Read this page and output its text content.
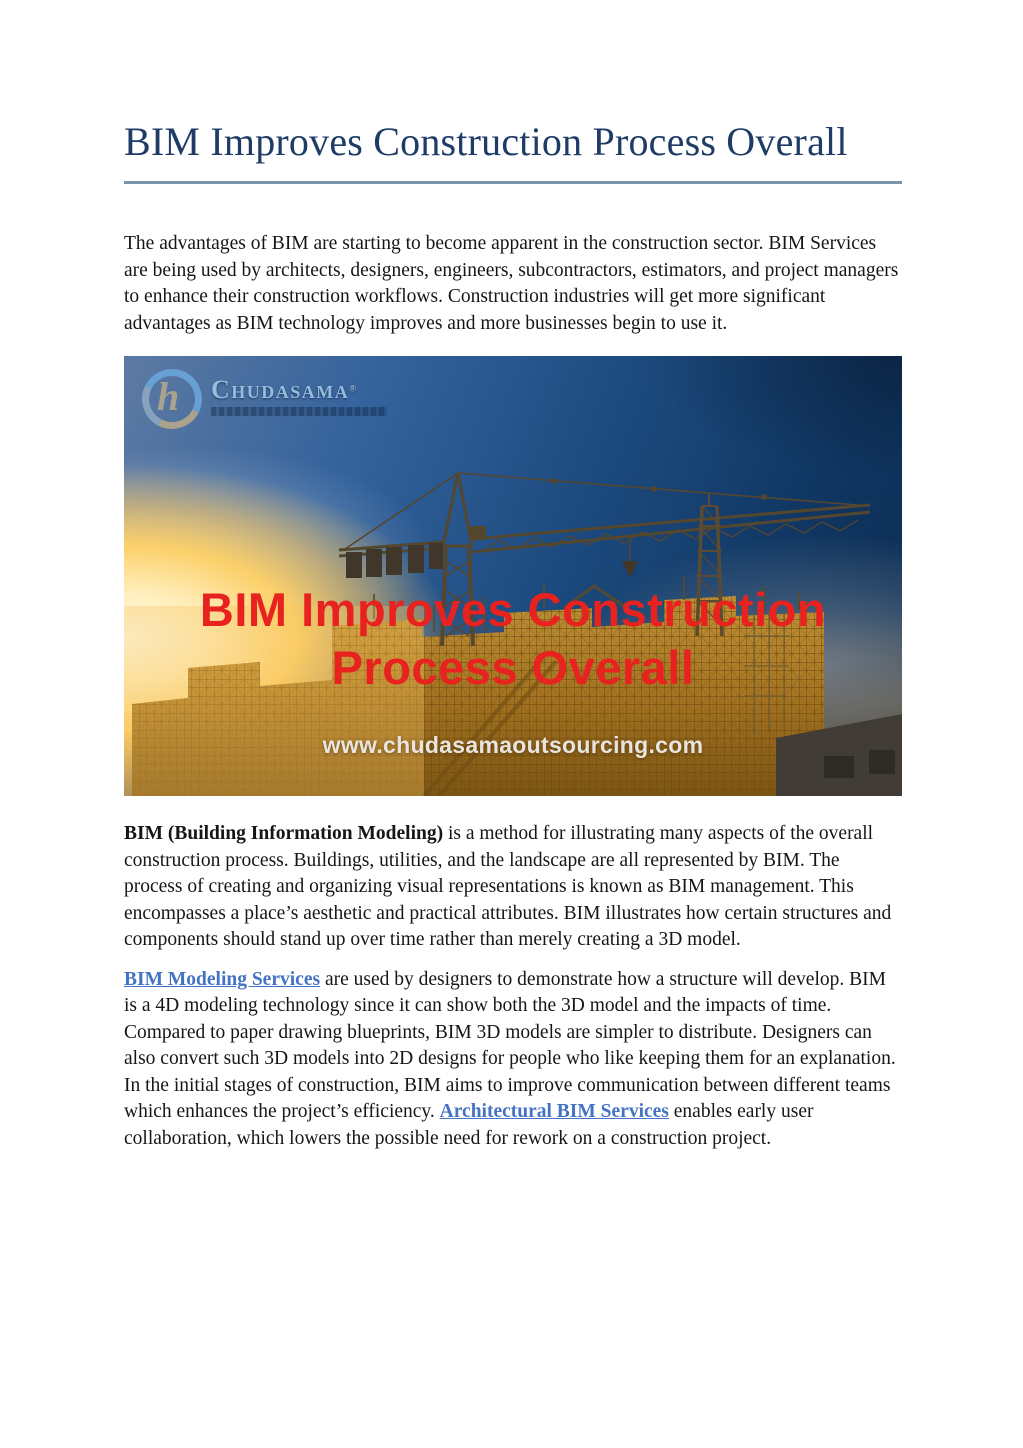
BIM Improves Construction Process Overall

The advantages of BIM are starting to become apparent in the construction sector. BIM Services are being used by architects, designers, engineers, subcontractors, estimators, and project managers to enhance their construction workflows. Construction industries will get more significant advantages as BIM technology improves and more businesses begin to use it.

h CHUDASAMA®
BIM Improves Construction
Process Overall
www.chudasamaoutsourcing.com

BIM (Building Information Modeling) is a method for illustrating many aspects of the overall construction process. Buildings, utilities, and the landscape are all represented by BIM. The process of creating and organizing visual representations is known as BIM management. This encompasses a place’s aesthetic and practical attributes. BIM illustrates how certain structures and components should stand up over time rather than merely creating a 3D model.

BIM Modeling Services are used by designers to demonstrate how a structure will develop. BIM is a 4D modeling technology since it can show both the 3D model and the impacts of time. Compared to paper drawing blueprints, BIM 3D models are simpler to distribute. Designers can also convert such 3D models into 2D designs for people who like keeping them for an explanation. In the initial stages of construction, BIM aims to improve communication between different teams which enhances the project’s efficiency. Architectural BIM Services enables early user collaboration, which lowers the possible need for rework on a construction project.
